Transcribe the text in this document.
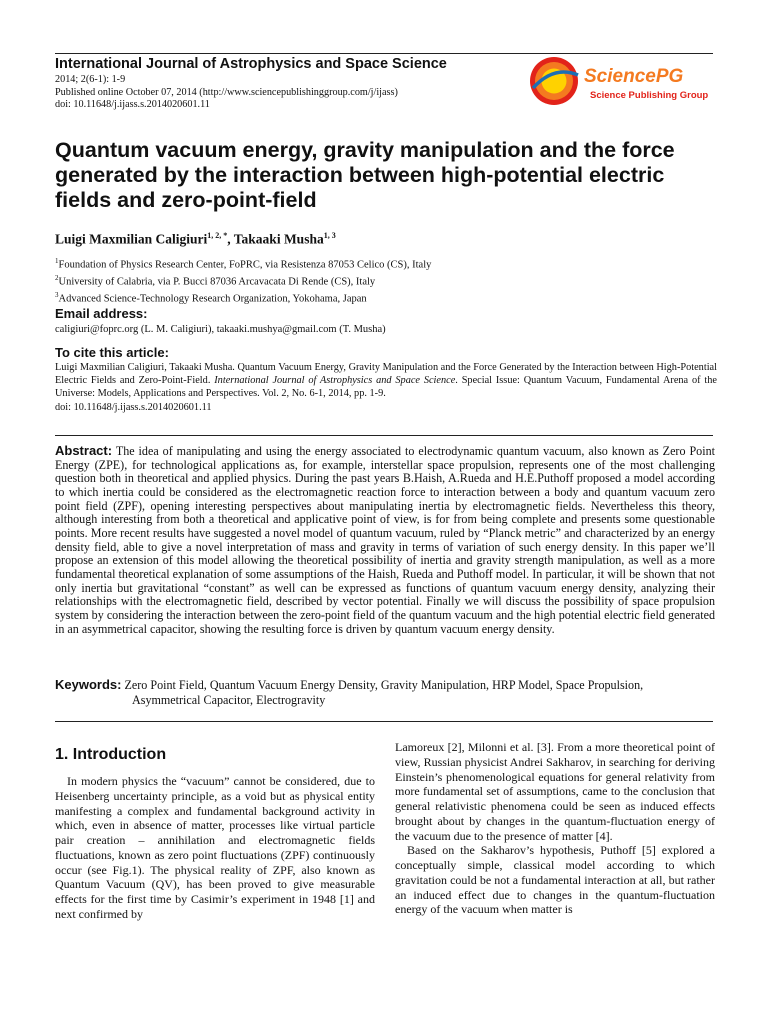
International Journal of Astrophysics and Space Science
2014; 2(6-1): 1-9
Published online October 07, 2014 (http://www.sciencepublishinggroup.com/j/ijass)
doi: 10.11648/j.ijass.s.2014020601.11
SciencePG
Science Publishing Group
Quantum vacuum energy, gravity manipulation and the force generated by the interaction between high-potential electric fields and zero-point-field
Luigi Maxmilian Caligiuri$^{1, 2, *}$, Takaaki Musha$^{1, 3}$
$^1$Foundation of Physics Research Center, FoPRC, via Resistenza 87053 Celico (CS), Italy
$^2$University of Calabria, via P. Bucci 87036 Arcavacata Di Rende (CS), Italy
$^3$Advanced Science-Technology Research Organization, Yokohama, Japan
Email address:
caligiuri@foprc.org (L. M. Caligiuri), takaaki.mushya@gmail.com (T. Musha)
To cite this article:
Luigi Maxmilian Caligiuri, Takaaki Musha. Quantum Vacuum Energy, Gravity Manipulation and the Force Generated by the Interaction between High-Potential Electric Fields and Zero-Point-Field. International Journal of Astrophysics and Space Science. Special Issue: Quantum Vacuum, Fundamental Arena of the Universe: Models, Applications and Perspectives. Vol. 2, No. 6-1, 2014, pp. 1-9.
doi: 10.11648/j.ijass.s.2014020601.11
Abstract: The idea of manipulating and using the energy associated to electrodynamic quantum vacuum, also known as Zero Point Energy (ZPE), for technological applications as, for example, interstellar space propulsion, represents one of the most challenging question both in theoretical and applied physics. During the past years B.Haish, A.Rueda and H.E.Puthoff proposed a model according to which inertia could be considered as the electromagnetic reaction force to interaction between a body and quantum vacuum zero point field (ZPF), opening interesting perspectives about manipulating inertia by electromagnetic fields. Nevertheless this theory, although interesting from both a theoretical and applicative point of view, is for from being complete and presents some questionable points. More recent results have suggested a novel model of quantum vacuum, ruled by “Planck metric” and characterized by an energy density field, able to give a novel interpretation of mass and gravity in terms of variation of such energy density. In this paper we’ll propose an extension of this model allowing the theoretical possibility of inertia and gravity strength manipulation, as well as a more fundamental theoretical explanation of some assumptions of the Haish, Rueda and Puthoff model. In particular, it will be shown that not only inertia but gravitational “constant” as well can be expressed as functions of quantum vacuum energy density, analyzing their relationships with the electromagnetic field, described by vector potential. Finally we will discuss the possibility of space propulsion system by considering the interaction between the zero-point field of the quantum vacuum and the high potential electric field generated in an asymmetrical capacitor, showing the resulting force is driven by quantum vacuum energy density.
Keywords: Zero Point Field, Quantum Vacuum Energy Density, Gravity Manipulation, HRP Model, Space Propulsion,
Asymmetrical Capacitor, Electrogravity
1. Introduction

In modern physics the “vacuum” cannot be considered, due to Heisenberg uncertainty principle, as a void but as physical entity manifesting a complex and fundamental background activity in which, even in absence of matter, processes like virtual particle pair creation – annihilation and electromagnetic fields fluctuations, known as zero point fluctuations (ZPF) continuously occur (see Fig.1). The physical reality of ZPF, also known as Quantum Vacuum (QV), has been proved to give measurable effects for the first time by Casimir’s experiment in 1948 [1] and next confirmed by

Lamoreux [2], Milonni et al. [3]. From a more theoretical point of view, Russian physicist Andrei Sakharov, in searching for deriving Einstein’s phenomenological equations for general relativity from more fundamental set of assumptions, came to the conclusion that general relativistic phenomena could be seen as induced effects brought about by changes in the quantum-fluctuation energy of the vacuum due to the presence of matter [4].

Based on the Sakharov’s hypothesis, Puthoff [5] explored a conceptually simple, classical model according to which gravitation could be not a fundamental interaction at all, but rather an induced effect due to changes in the quantum-fluctuation energy of the vacuum when matter is
